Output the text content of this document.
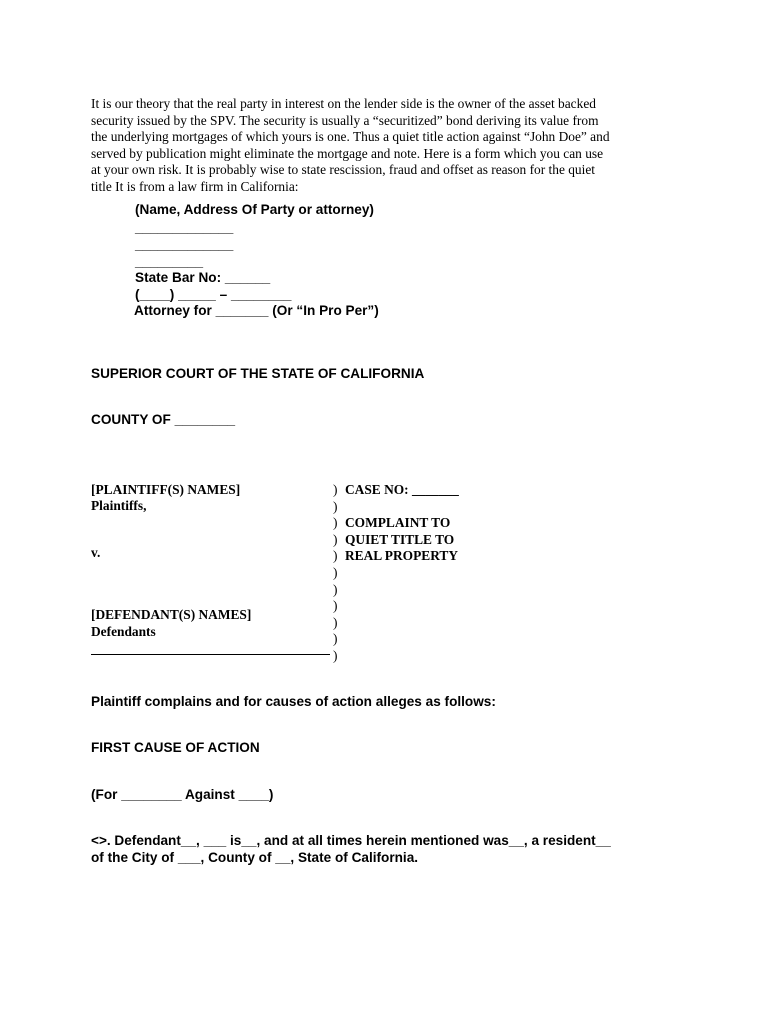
It is our theory that the real party in interest on the lender side is the owner of the asset backed
security issued by the SPV. The security is usually a “securitized” bond deriving its value from
the underlying mortgages of which yours is one. Thus a quiet title action against “John Doe” and
served by publication might eliminate the mortgage and note. Here is a form which you can use
at your own risk. It is probably wise to state rescission, fraud and offset as reason for the quiet
title It is from a law firm in California:
(Name, Address Of Party or attorney)
_____________
_____________
_________
State Bar No: ______
(____) _____ – ________
Attorney for _______ (Or “In Pro Per”)
SUPERIOR COURT OF THE STATE OF CALIFORNIA
COUNTY OF ________
[PLAINTIFF(S) NAMES]
Plaintiffs,
v.
[DEFENDANT(S) NAMES]
Defendants
)
)
)
)
)
)
)
)
)
)
)
CASE NO: _______
COMPLAINT TO
QUIET TITLE TO
REAL PROPERTY
Plaintiff complains and for causes of action alleges as follows:
FIRST CAUSE OF ACTION
(For ________ Against ____)
<>. Defendant__, ___ is__, and at all times herein mentioned was__, a resident__
of the City of ___, County of __, State of California.
